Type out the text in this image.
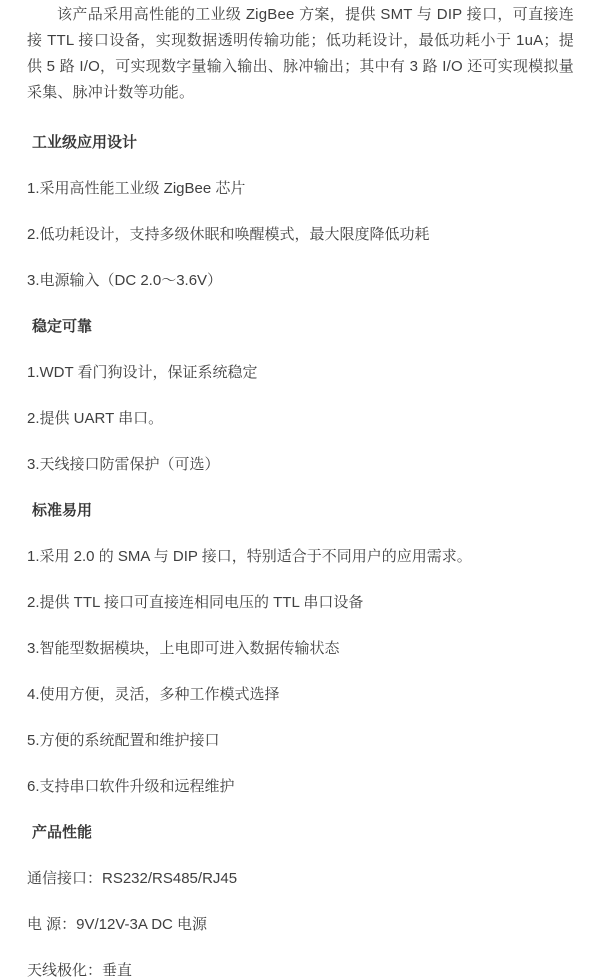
该产品采用高性能的工业级 ZigBee 方案，提供 SMT 与 DIP 接口，可直接连接 TTL 接口设备，实现数据透明传输功能；低功耗设计，最低功耗小于 1uA；提供 5 路 I/O，可实现数字量输入输出、脉冲输出；其中有 3 路 I/O 还可实现模拟量采集、脉冲计数等功能。

工业级应用设计
1.采用高性能工业级 ZigBee 芯片
2.低功耗设计，支持多级休眠和唤醒模式，最大限度降低功耗
3.电源输入（DC 2.0～3.6V）
稳定可靠
1.WDT 看门狗设计，保证系统稳定
2.提供 UART 串口。
3.天线接口防雷保护（可选）
标准易用
1.采用 2.0 的 SMA 与 DIP 接口，特别适合于不同用户的应用需求。
2.提供 TTL 接口可直接连相同电压的 TTL 串口设备
3.智能型数据模块，上电即可进入数据传输状态
4.使用方便，灵活，多种工作模式选择
5.方便的系统配置和维护接口
6.支持串口软件升级和远程维护
产品性能
通信接口：RS232/RS485/RJ45
电 源：9V/12V-3A DC 电源
天线极化：垂直
